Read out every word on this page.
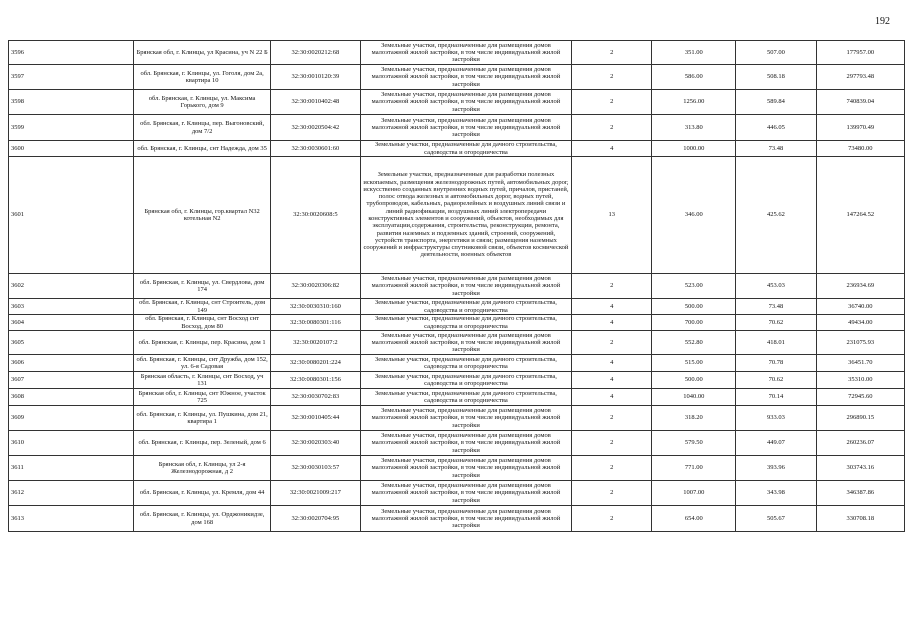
192
3596	Брянская обл, г. Клинцы, ул Красина, уч N 22 Б	32:30:0020212:68	Земельные участки, предназначенные для размещения домов малоэтажной жилой застройки, в том числе индивидуальной жилой застройки	2	351.00	507.00	177957.00
3597	обл. Брянская, г. Клинцы, ул. Гоголя, дом 2а, квартира 10	32:30:0010120:39	Земельные участки, предназначенные для размещения домов малоэтажной жилой застройки, в том числе индивидуальной жилой застройки	2	586.00	508.18	297793.48
3598	обл. Брянская, г. Клинцы, ул. Максима Горького, дом 9	32:30:0010402:48	Земельные участки, предназначенные для размещения домов малоэтажной жилой застройки, в том числе индивидуальной жилой застройки	2	1256.00	589.84	740839.04
3599	обл. Брянская, г. Клинцы, пер. Выгоновский, дом 7/2	32:30:0020504:42	Земельные участки, предназначенные для размещения домов малоэтажной жилой застройки, в том числе индивидуальной жилой застройки	2	313.80	446.05	139970.49
3600	обл. Брянская, г. Клинцы, снт Надежда, дом 35	32:30:0030601:60	Земельные участки, предназначенные для дачного строительства, садоводства и огородничества	4	1000.00	73.48	73480.00
3601	Брянская обл, г. Клинцы, гор.квартал N32 котельная N2	32:30:0020608:5	Земельные участки, предназначенные для разработки полезных ископаемых, размещения железнодорожных путей, автомобильных дорог, искусственно созданных внутренних водных путей, причалов, пристаней, полос отвода железных и автомобильных дорог, водных путей, трубопроводов, кабельных, радиорелейных и воздушных линий связи и линий радиофикации, воздушных линий электропередачи конструктивных элементов и сооружений, объектов, необходимых для эксплуатации,содержания, строительства, реконструкции, ремонта, развития наземных и подземных зданий, строений, сооружений, устройств транспорта, энергетики и связи; размещения наземных сооружений и инфраструктуры спутниковой связи, объектов космической деятельности, военных объектов	13	346.00	425.62	147264.52
3602	обл. Брянская, г. Клинцы, ул. Свердлова, дом 174	32:30:0020306:82	Земельные участки, предназначенные для размещения домов малоэтажной жилой застройки, в том числе индивидуальной жилой застройки	2	523.00	453.03	236934.69
3603	обл. Брянская, г. Клинцы, снт Строитель, дом 149	32:30:0030310:160	Земельные участки, предназначенные для дачного строительства, садоводства и огородничества	4	500.00	73.48	36740.00
3604	обл. Брянская, г. Клинцы, снт Восход снт Восход, дом 80	32:30:0080301:116	Земельные участки, предназначенные для дачного строительства, садоводства и огородничества	4	700.00	70.62	49434.00
3605	обл. Брянская, г. Клинцы, пер. Красина, дом 1	32:30:0020107:2	Земельные участки, предназначенные для размещения домов малоэтажной жилой застройки, в том числе индивидуальной жилой застройки	2	552.80	418.01	231075.93
3606	обл. Брянская, г. Клинцы, снт Дружба, дом 152, ул. 6-я Садовая	32:30:0080201:224	Земельные участки, предназначенные для дачного строительства, садоводства и огородничества	4	515.00	70.78	36451.70
3607	Брянская область, г. Клинцы, снт Восход, уч 131	32:30:0080301:156	Земельные участки, предназначенные для дачного строительства, садоводства и огородничества	4	500.00	70.62	35310.00
3608	Брянская обл, г. Клинцы, снт Южное, участок 725	32:30:0030702:83	Земельные участки, предназначенные для дачного строительства, садоводства и огородничества	4	1040.00	70.14	72945.60
3609	обл. Брянская, г. Клинцы, ул. Пушкина, дом 21, квартира 1	32:30:0010405:44	Земельные участки, предназначенные для размещения домов малоэтажной жилой застройки, в том числе индивидуальной жилой застройки	2	318.20	933.03	296890.15
3610	обл. Брянская, г. Клинцы, пер. Зеленый, дом 6	32:30:0020303:40	Земельные участки, предназначенные для размещения домов малоэтажной жилой застройки, в том числе индивидуальной жилой застройки	2	579.50	449.07	260236.07
3611	Брянская обл, г. Клинцы, ул 2-я Железнодорожная, д 2	32:30:0030103:57	Земельные участки, предназначенные для размещения домов малоэтажной жилой застройки, в том числе индивидуальной жилой застройки	2	771.00	393.96	303743.16
3612	обл. Брянская, г. Клинцы, ул. Кремля, дом 44	32:30:0021009:217	Земельные участки, предназначенные для размещения домов малоэтажной жилой застройки, в том числе индивидуальной жилой застройки	2	1007.00	343.98	346387.86
3613	обл. Брянская, г. Клинцы, ул. Орджоникидзе, дом 168	32:30:0020704:95	Земельные участки, предназначенные для размещения домов малоэтажной жилой застройки, в том числе индивидуальной жилой застройки	2	654.00	505.67	330708.18
